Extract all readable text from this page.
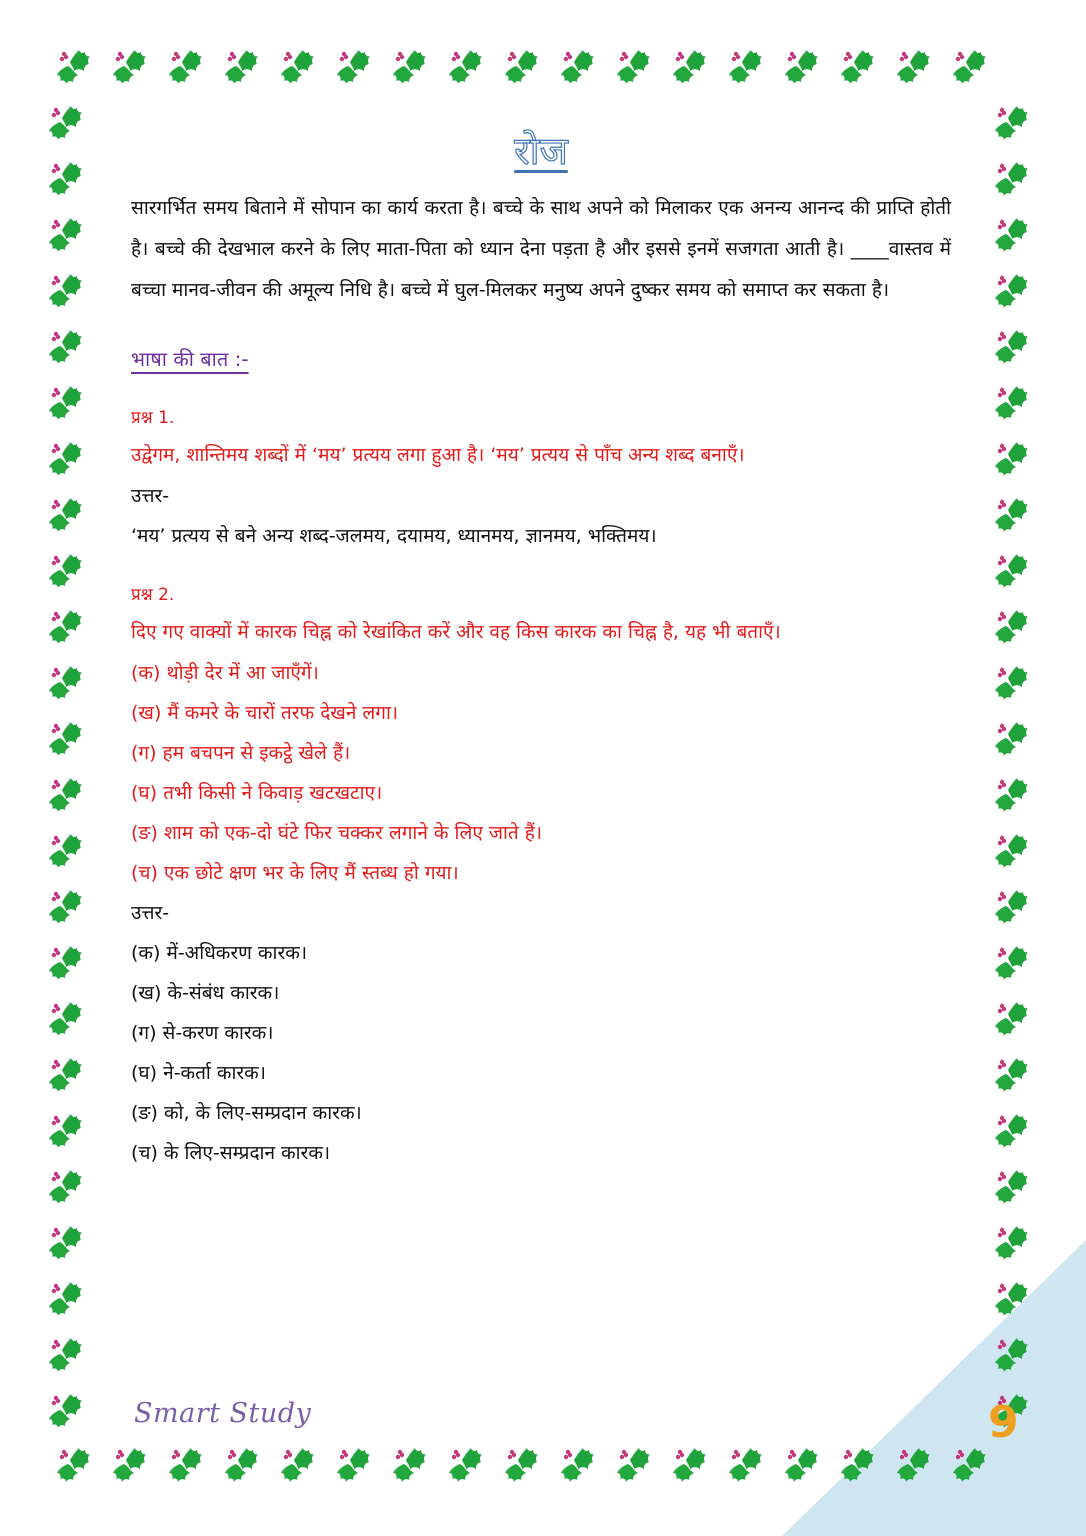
रोज

सारगर्भित समय बिताने में सोपान का कार्य करता है। बच्चे के साथ अपने को मिलाकर एक अनन्य आनन्द की प्राप्ति होती है। बच्चे की देखभाल करने के लिए माता-पिता को ध्यान देना पड़ता है और इससे इनमें सजगता आती है। ____वास्तव में बच्चा मानव-जीवन की अमूल्य निधि है। बच्चे में घुल-मिलकर मनुष्य अपने दुष्कर समय को समाप्त कर सकता है।

भाषा की बात :-
प्रश्न 1.

उद्वेगम, शान्तिमय शब्दों में ‘मय’ प्रत्यय लगा हुआ है। ‘मय’ प्रत्यय से पाँच अन्य शब्द बनाएँ।

उत्तर-
‘मय’ प्रत्यय से बने अन्य शब्द-जलमय, दयामय, ध्यानमय, ज्ञानमय, भक्तिमय।
प्रश्न 2.

दिए गए वाक्यों में कारक चिह्न को रेखांकित करें और वह किस कारक का चिह्न है, यह भी बताएँ।

(क) थोड़ी देर में आ जाएँगें।
(ख) मैं कमरे के चारों तरफ देखने लगा।
(ग) हम बचपन से इकट्ठे खेले हैं।
(घ) तभी किसी ने किवाड़ खटखटाए।
(ङ) शाम को एक-दो घंटे फिर चक्कर लगाने के लिए जाते हैं।
(च) एक छोटे क्षण भर के लिए मैं स्तब्ध हो गया।
उत्तर-
(क) में-अधिकरण कारक।
(ख) के-संबंध कारक।
(ग) से-करण कारक।
(घ) ने-कर्ता कारक।
(ङ) को, के लिए-सम्प्रदान कारक।
(च) के लिए-सम्प्रदान कारक।
Smart Study	9
